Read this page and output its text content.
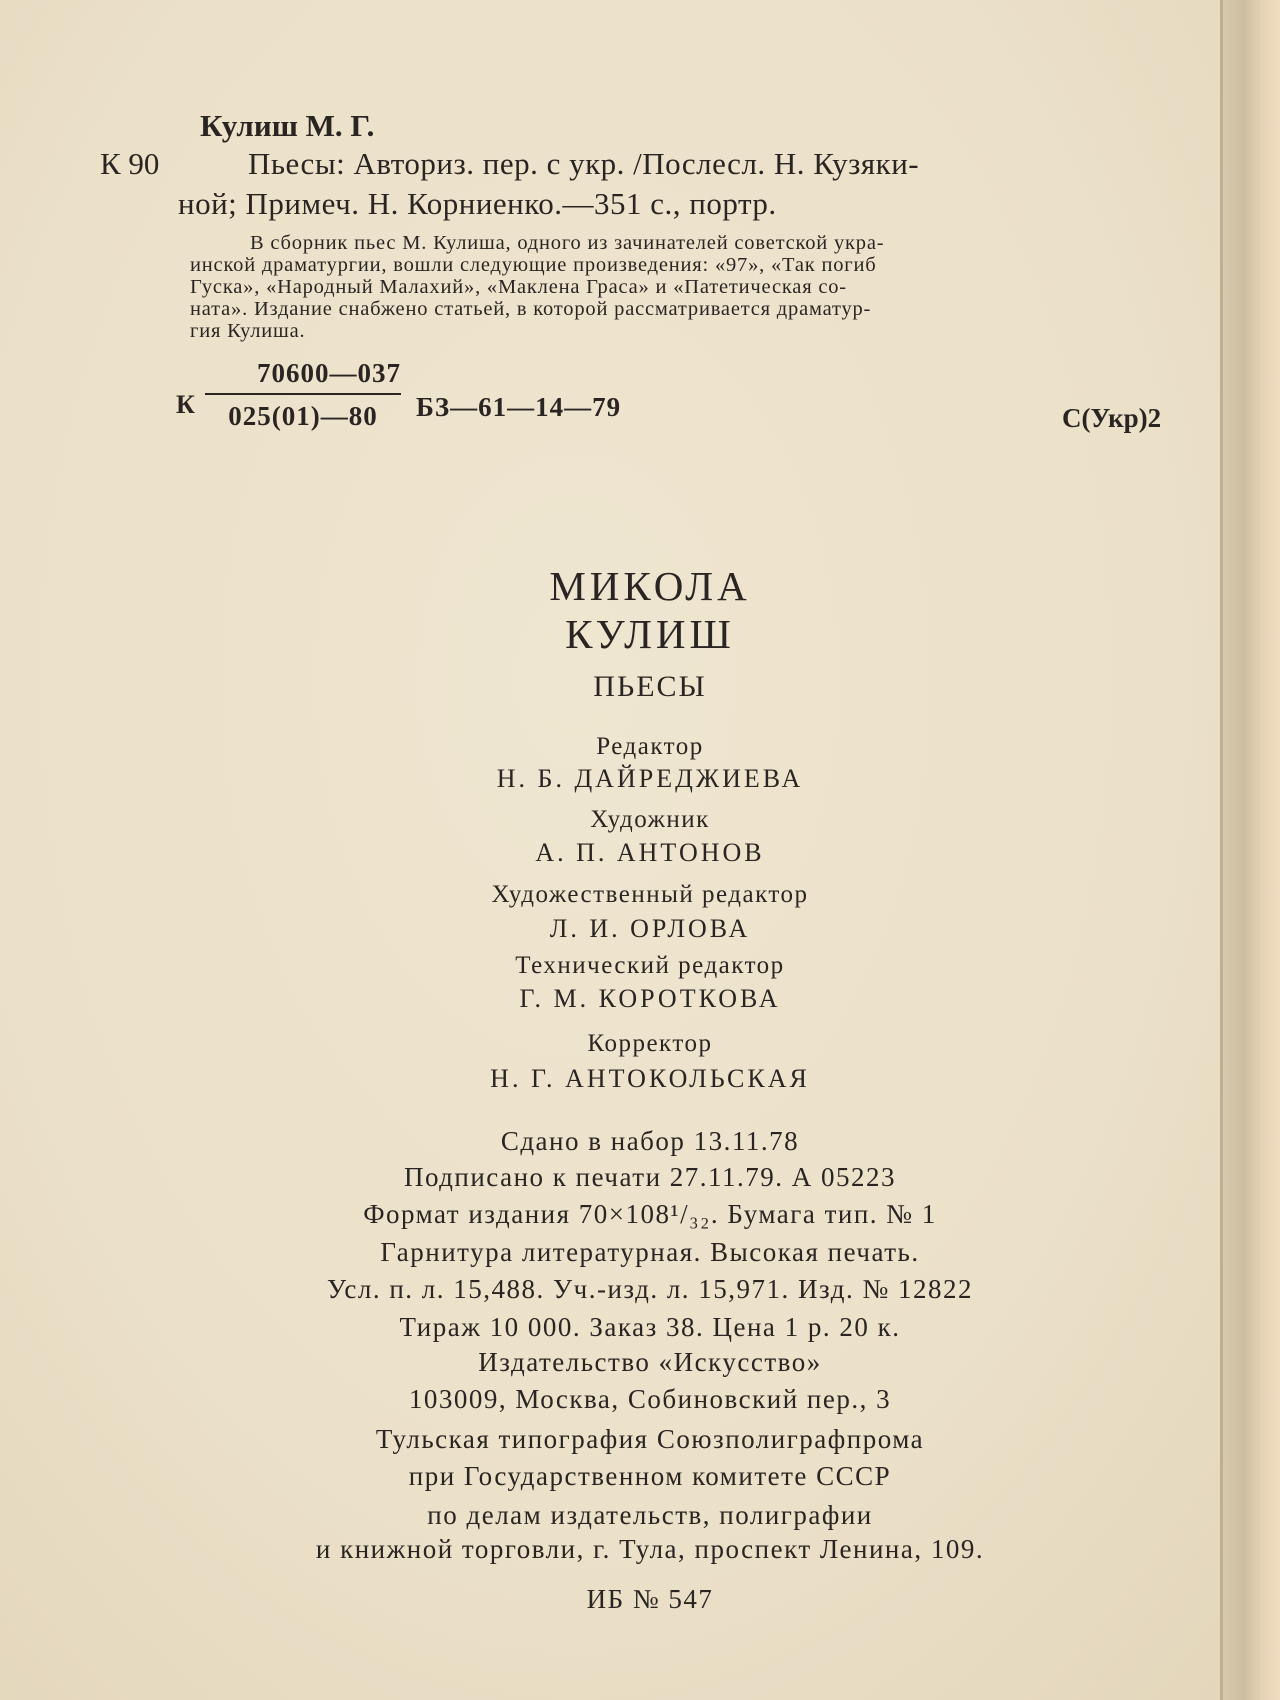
Кулиш М. Г.
К 90	Пьесы: Авториз. пер. с укр. /Послесл. Н. Кузяки-
ной; Примеч. Н. Корниенко.—351 с., портр.
В сборник пьес М. Кулиша, одного из зачинателей советской укра-
инской драматургии, вошли следующие произведения: «97», «Так погиб
Гуска», «Народный Малахий», «Маклена Граса» и «Патетическая со-
ната». Издание снабжено статьей, в которой рассматривается драматур-
гия Кулиша.
К
70600—037
025(01)—80	БЗ—61—14—79	С(Укр)2
МИКОЛА
КУЛИШ
ПЬЕСЫ
Редактор
Н. Б. ДАЙРЕДЖИЕВА
Художник
А. П. АНТОНОВ
Художественный редактор
Л. И. ОРЛОВА
Технический редактор
Г. М. КОРОТКОВА
Корректор
Н. Г. АНТОКОЛЬСКАЯ
Сдано в набор 13.11.78
Подписано к печати 27.11.79. А 05223
Формат издания 70×108¹/₃₂. Бумага тип. № 1
Гарнитура литературная. Высокая печать.
Усл. п. л. 15,488. Уч.-изд. л. 15,971. Изд. № 12822
Тираж 10 000. Заказ 38. Цена 1 р. 20 к.
Издательство «Искусство»
103009, Москва, Собиновский пер., 3
Тульская типография Союзполиграфпрома
при Государственном комитете СССР
по делам издательств, полиграфии
и книжной торговли, г. Тула, проспект Ленина, 109.
ИБ № 547
